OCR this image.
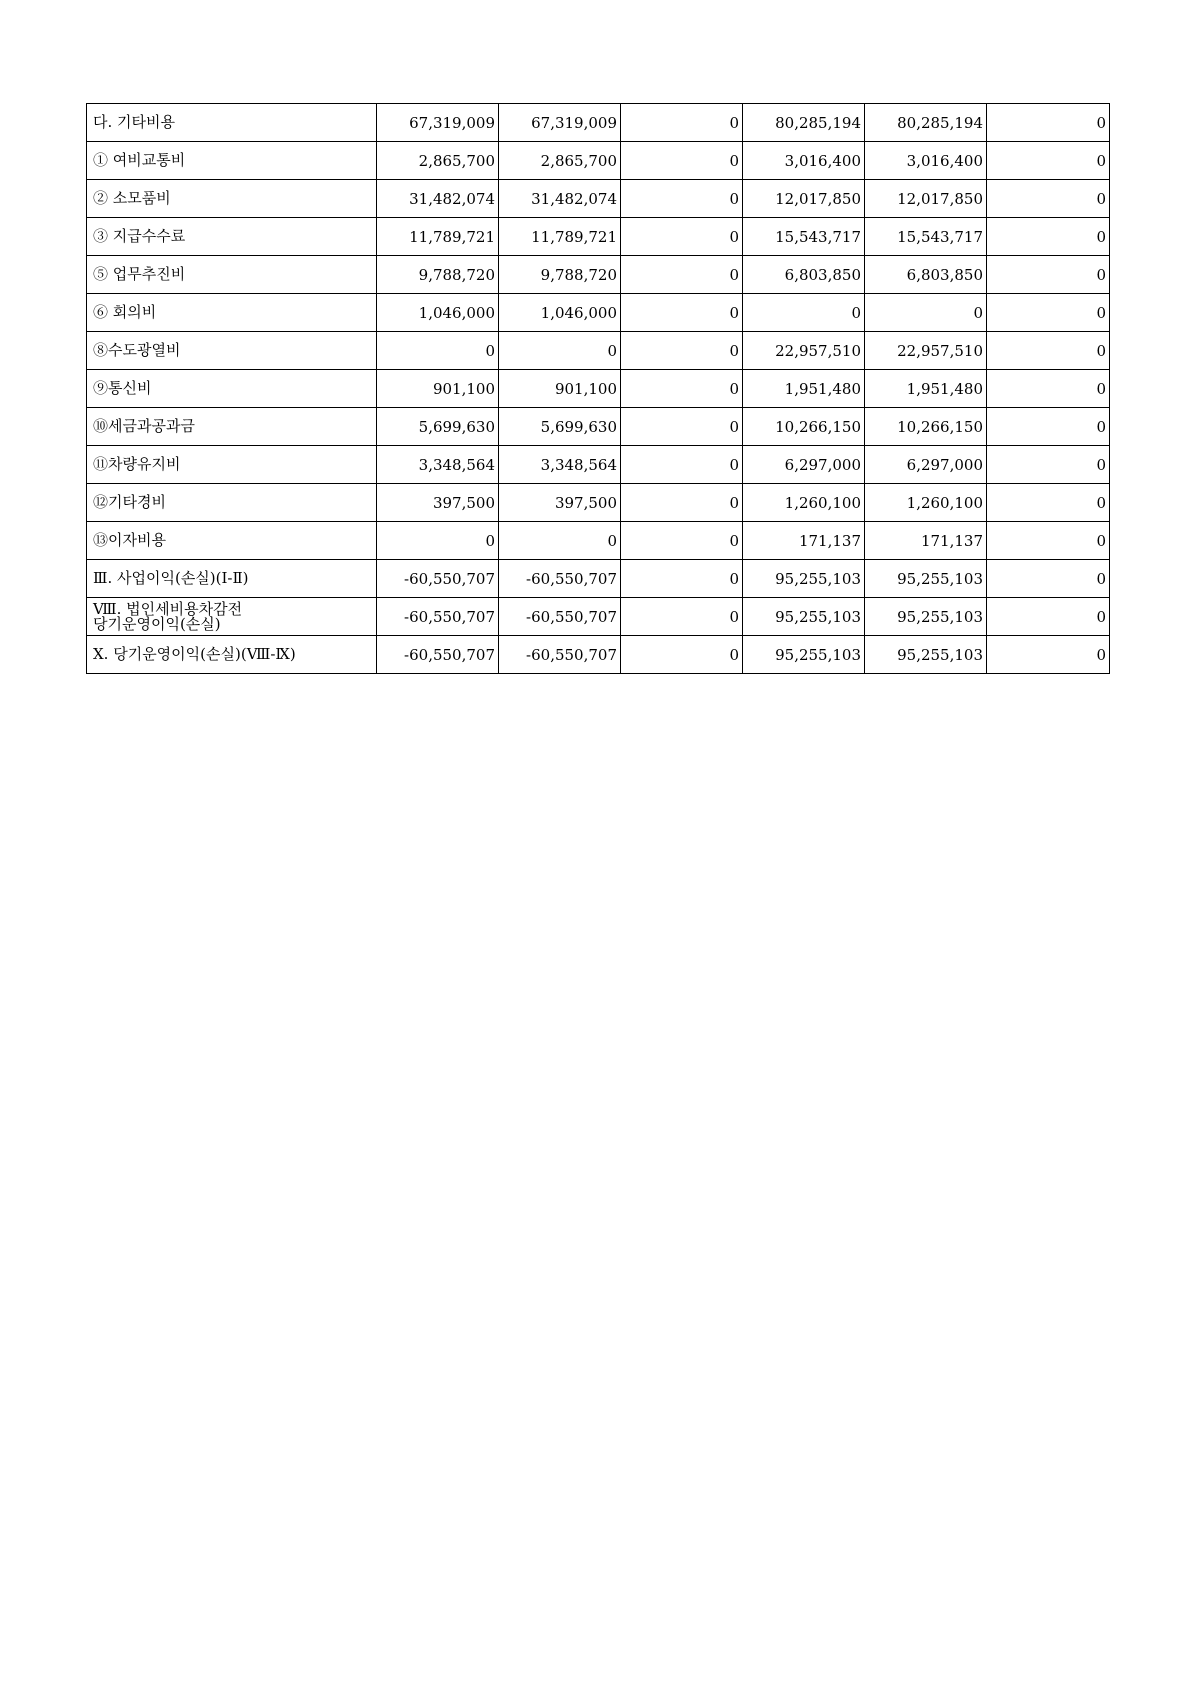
다. 기타비용	67,319,009	67,319,009	0	80,285,194	80,285,194	0

① 여비교통비	2,865,700	2,865,700	0	3,016,400	3,016,400	0

② 소모품비	31,482,074	31,482,074	0	12,017,850	12,017,850	0

③ 지급수수료	11,789,721	11,789,721	0	15,543,717	15,543,717	0

⑤ 업무추진비	9,788,720	9,788,720	0	6,803,850	6,803,850	0

⑥ 회의비	1,046,000	1,046,000	0	0	0	0

⑧수도광열비	0	0	0	22,957,510	22,957,510	0

⑨통신비	901,100	901,100	0	1,951,480	1,951,480	0

⑩세금과공과금	5,699,630	5,699,630	0	10,266,150	10,266,150	0

⑪차량유지비	3,348,564	3,348,564	0	6,297,000	6,297,000	0

⑫기타경비	397,500	397,500	0	1,260,100	1,260,100	0

⑬이자비용	0	0	0	171,137	171,137	0

Ⅲ. 사업이익(손실)(Ⅰ-Ⅱ)	-60,550,707	-60,550,707	0	95,255,103	95,255,103	0

Ⅷ. 법인세비용차감전
당기운영이익(손실)	-60,550,707	-60,550,707	0	95,255,103	95,255,103	0

Ⅹ. 당기운영이익(손실)(Ⅷ-Ⅸ)	-60,550,707	-60,550,707	0	95,255,103	95,255,103	0
